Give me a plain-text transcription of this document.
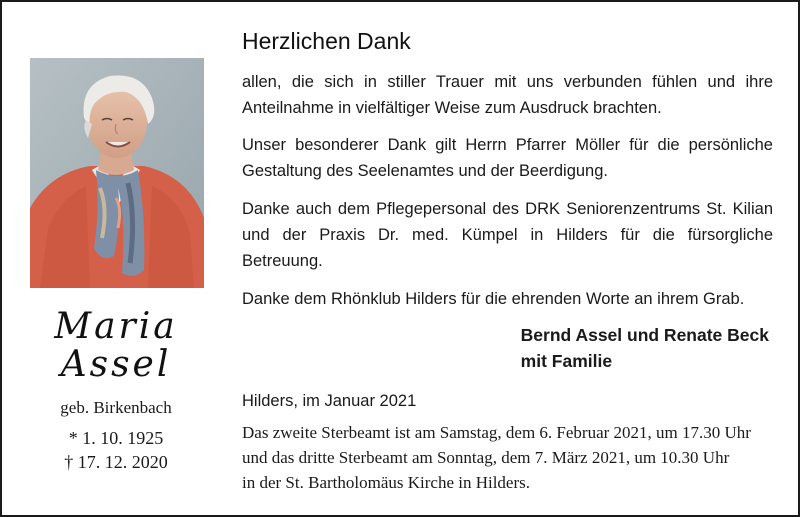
Maria
Assel
geb. Birkenbach
* 1. 10. 1925
† 17. 12. 2020
Herzlichen Dank

allen, die sich in stiller Trauer mit uns verbunden fühlen und ihre Anteilnahme in vielfältiger Weise zum Ausdruck brachten.

Unser besonderer Dank gilt Herrn Pfarrer Möller für die persönliche Gestaltung des Seelenamtes und der Beerdigung.

Danke auch dem Pflegepersonal des DRK Seniorenzentrums St. Kilian und der Praxis Dr. med. Kümpel in Hilders für die fürsorgliche Betreuung.

Danke dem Rhönklub Hilders für die ehrenden Worte an ihrem Grab.

Bernd Assel und Renate Beck
mit Familie
Hilders, im Januar 2021
Das zweite Sterbeamt ist am Samstag, dem 6. Februar 2021, um 17.30 Uhr
und das dritte Sterbeamt am Sonntag, dem 7. März 2021, um 10.30 Uhr
in der St. Bartholomäus Kirche in Hilders.
